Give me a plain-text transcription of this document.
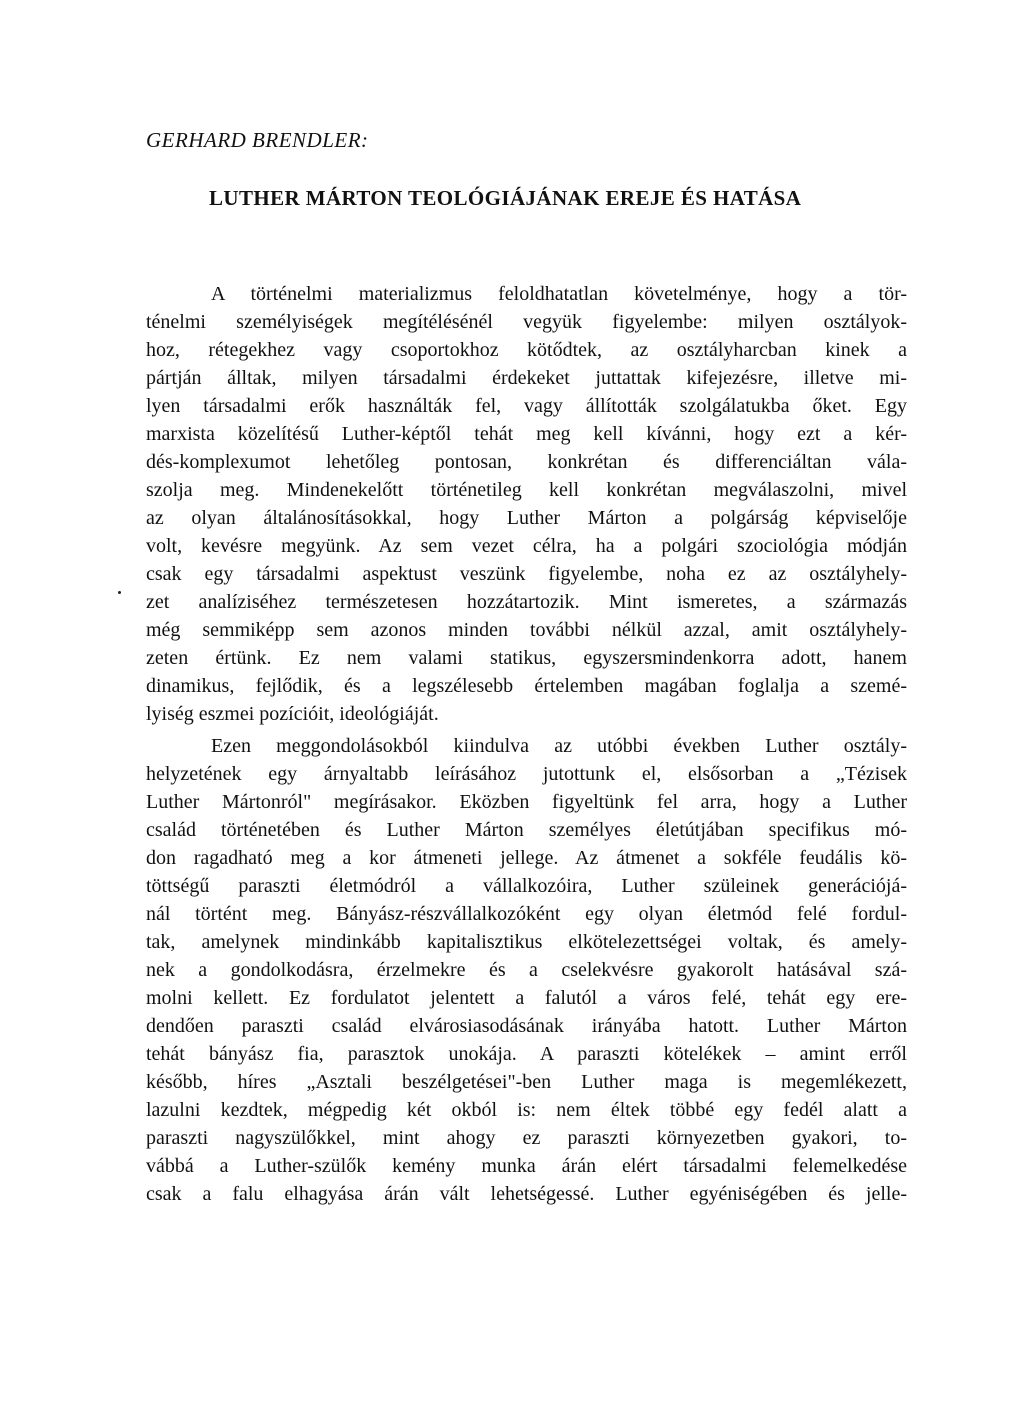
GERHARD BRENDLER:
LUTHER MÁRTON TEOLÓGIÁJÁNAK EREJE ÉS HATÁSA
A történelmi materializmus feloldhatatlan követelménye, hogy a tör-
ténelmi személyiségek megítélésénél vegyük figyelembe: milyen osztályok-
hoz, rétegekhez vagy csoportokhoz kötődtek, az osztályharcban kinek a
pártján álltak, milyen társadalmi érdekeket juttattak kifejezésre, illetve mi-
lyen társadalmi erők használták fel, vagy állították szolgálatukba őket. Egy
marxista közelítésű Luther-képtől tehát meg kell kívánni, hogy ezt a kér-
dés-komplexumot lehetőleg pontosan, konkrétan és differenciáltan vála-
szolja meg. Mindenekelőtt történetileg kell konkrétan megválaszolni, mivel
az olyan általánosításokkal, hogy Luther Márton a polgárság képviselője
volt, kevésre megyünk. Az sem vezet célra, ha a polgári szociológia módján
csak egy társadalmi aspektust veszünk figyelembe, noha ez az osztályhely-
zet analíziséhez természetesen hozzátartozik. Mint ismeretes, a származás
még semmiképp sem azonos minden további nélkül azzal, amit osztályhely-
zeten értünk. Ez nem valami statikus, egyszersmindenkorra adott, hanem
dinamikus, fejlődik, és a legszélesebb értelemben magában foglalja a szemé-
lyiség eszmei pozícióit, ideológiáját.
Ezen meggondolásokból kiindulva az utóbbi években Luther osztály-
helyzetének egy árnyaltabb leírásához jutottunk el, elsősorban a „Tézisek
Luther Mártonról" megírásakor. Eközben figyeltünk fel arra, hogy a Luther
család történetében és Luther Márton személyes életútjában specifikus mó-
don ragadható meg a kor átmeneti jellege. Az átmenet a sokféle feudális kö-
töttségű paraszti életmódról a vállalkozóira, Luther szüleinek generációjá-
nál történt meg. Bányász-részvállalkozóként egy olyan életmód felé fordul-
tak, amelynek mindinkább kapitalisztikus elkötelezettségei voltak, és amely-
nek a gondolkodásra, érzelmekre és a cselekvésre gyakorolt hatásával szá-
molni kellett. Ez fordulatot jelentett a falutól a város felé, tehát egy ere-
dendően paraszti család elvárosiasodásának irányába hatott. Luther Márton
tehát bányász fia, parasztok unokája. A paraszti kötelékek – amint erről
később, híres „Asztali beszélgetései"-ben Luther maga is megemlékezett,
lazulni kezdtek, mégpedig két okból is: nem éltek többé egy fedél alatt a
paraszti nagyszülőkkel, mint ahogy ez paraszti környezetben gyakori, to-
vábbá a Luther-szülők kemény munka árán elért társadalmi felemelkedése
csak a falu elhagyása árán vált lehetségessé. Luther egyéniségében és jelle-
